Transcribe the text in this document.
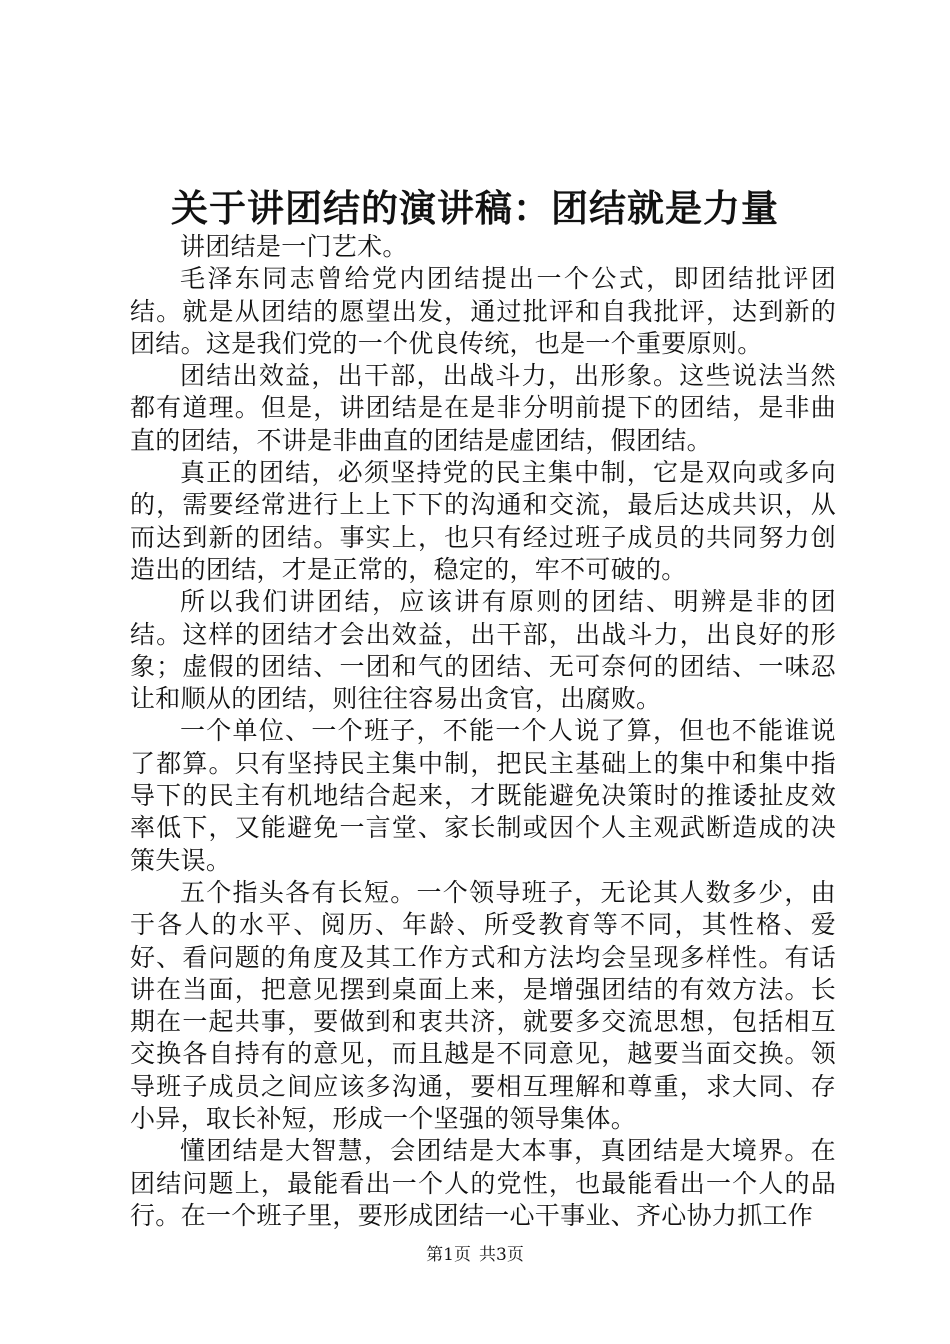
关于讲团结的演讲稿：团结就是力量

讲团结是一门艺术。

毛泽东同志曾给党内团结提出一个公式，即团结批评团结。就是从团结的愿望出发，通过批评和自我批评，达到新的团结。这是我们党的一个优良传统，也是一个重要原则。

团结出效益，出干部，出战斗力，出形象。这些说法当然都有道理。但是，讲团结是在是非分明前提下的团结，是非曲直的团结，不讲是非曲直的团结是虚团结，假团结。

真正的团结，必须坚持党的民主集中制，它是双向或多向的，需要经常进行上上下下的沟通和交流，最后达成共识，从而达到新的团结。事实上，也只有经过班子成员的共同努力创造出的团结，才是正常的，稳定的，牢不可破的。

所以我们讲团结，应该讲有原则的团结、明辨是非的团结。这样的团结才会出效益，出干部，出战斗力，出良好的形象；虚假的团结、一团和气的团结、无可奈何的团结、一味忍让和顺从的团结，则往往容易出贪官，出腐败。

一个单位、一个班子，不能一个人说了算，但也不能谁说了都算。只有坚持民主集中制，把民主基础上的集中和集中指导下的民主有机地结合起来，才既能避免决策时的推诿扯皮效率低下，又能避免一言堂、家长制或因个人主观武断造成的决策失误。

五个指头各有长短。一个领导班子，无论其人数多少，由于各人的水平、阅历、年龄、所受教育等不同，其性格、爱好、看问题的角度及其工作方式和方法均会呈现多样性。有话讲在当面，把意见摆到桌面上来，是增强团结的有效方法。长期在一起共事，要做到和衷共济，就要多交流思想，包括相互交换各自持有的意见，而且越是不同意见，越要当面交换。领导班子成员之间应该多沟通，要相互理解和尊重，求大同、存小异，取长补短，形成一个坚强的领导集体。

懂团结是大智慧，会团结是大本事，真团结是大境界。在团结问题上，最能看出一个人的党性，也最能看出一个人的品行。在一个班子里，要形成团结一心干事业、齐心协力抓工作

第1页 共3页
